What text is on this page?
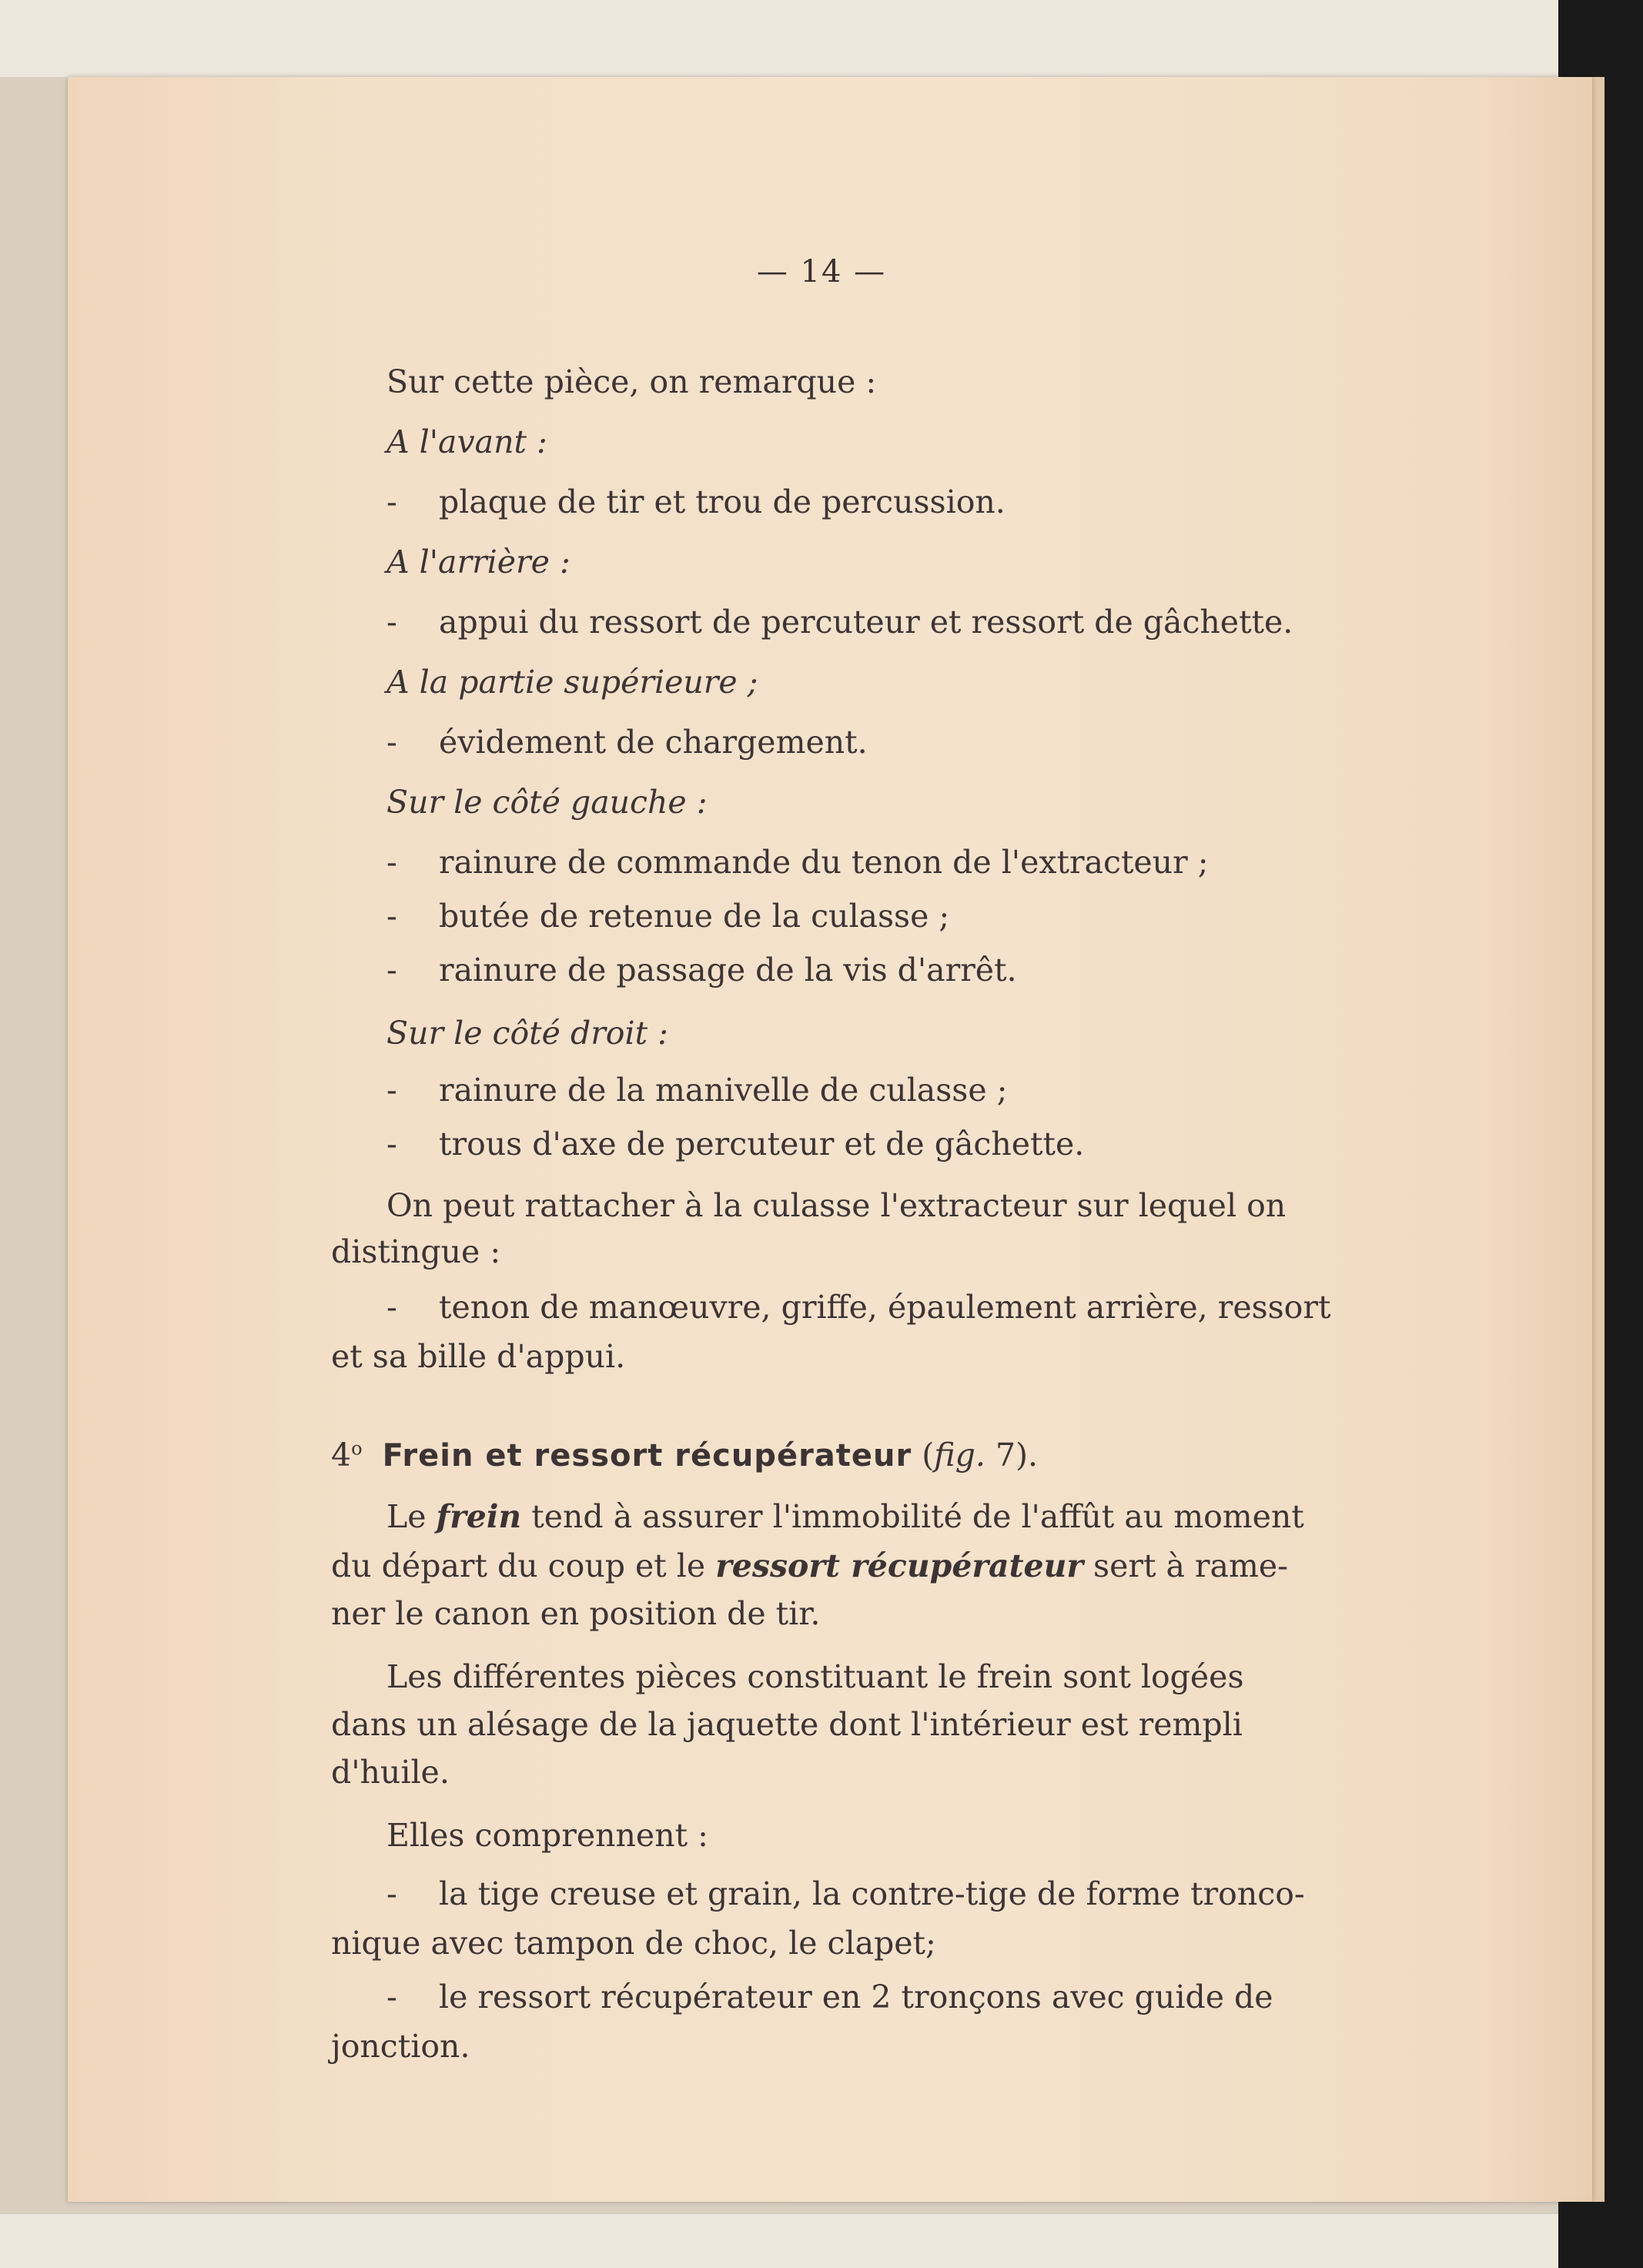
— 14 —

Sur cette pièce, on remarque :

A l'avant :

- plaque de tir et trou de percussion.

A l'arrière :

- appui du ressort de percuteur et ressort de gâchette.

A la partie supérieure ;

- évidement de chargement.

Sur le côté gauche :

- rainure de commande du tenon de l'extracteur ;

- butée de retenue de la culasse ;

- rainure de passage de la vis d'arrêt.

Sur le côté droit :

- rainure de la manivelle de culasse ;

- trous d'axe de percuteur et de gâchette.

On peut rattacher à la culasse l'extracteur sur lequel on

distingue :

- tenon de manœuvre, griffe, épaulement arrière, ressort

et sa bille d'appui.

4$^o$ Frein et ressort récupérateur (fig. 7).

Le frein tend à assurer l'immobilité de l'affût au moment

du départ du coup et le ressort récupérateur sert à rame-

ner le canon en position de tir.

Les différentes pièces constituant le frein sont logées

dans un alésage de la jaquette dont l'intérieur est rempli

d'huile.

Elles comprennent :

- la tige creuse et grain, la contre-tige de forme tronco-

nique avec tampon de choc, le clapet;

- le ressort récupérateur en 2 tronçons avec guide de

jonction.
